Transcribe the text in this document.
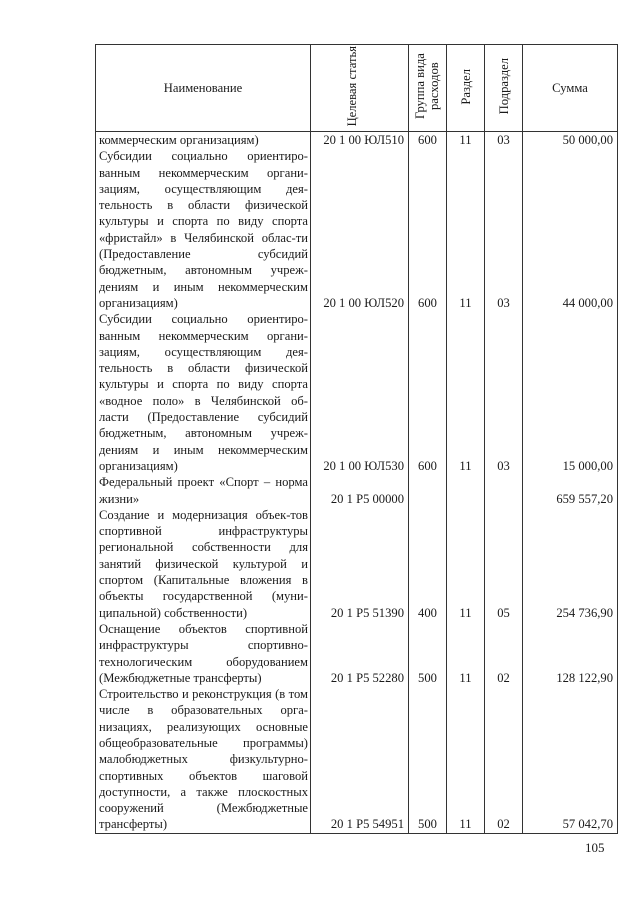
Наименование	Целевая статья	Группа вида расходов	Раздел	Подраздел	Сумма
коммерческим организациям)	20 1 00 ЮЛ510	600	11	03	50 000,00
Субсидии социально ориентиро-ванным некоммерческим органи-зациям, осуществляющим дея-тельность в области физической культуры и спорта по виду спорта «фристайл» в Челябинской облас-ти (Предоставление субсидий бюджетным, автономным учреж-дениям и иным некоммерческим организациям)	20 1 00 ЮЛ520	600	11	03	44 000,00
Субсидии социально ориентиро-ванным некоммерческим органи-зациям, осуществляющим дея-тельность в области физической культуры и спорта по виду спорта «водное поло» в Челябинской об-ласти (Предоставление субсидий бюджетным, автономным учреж-дениям и иным некоммерческим организациям)	20 1 00 ЮЛ530	600	11	03	15 000,00
Федеральный проект «Спорт – норма жизни»	20 1 Р5 00000				659 557,20
Создание и модернизация объек-тов спортивной инфраструктуры региональной собственности для занятий физической культурой и спортом (Капитальные вложения в объекты государственной (муни-ципальной) собственности)	20 1 Р5 51390	400	11	05	254 736,90
Оснащение объектов спортивной инфраструктуры спортивно-технологическим оборудованием (Межбюджетные трансферты)	20 1 Р5 52280	500	11	02	128 122,90
Строительство и реконструкция (в том числе в образовательных орга-низациях, реализующих основные общеобразовательные программы) малобюджетных физкультурно-спортивных объектов шаговой доступности, а также плоскостных сооружений (Межбюджетные трансферты)	20 1 Р5 54951	500	11	02	57 042,70
105
